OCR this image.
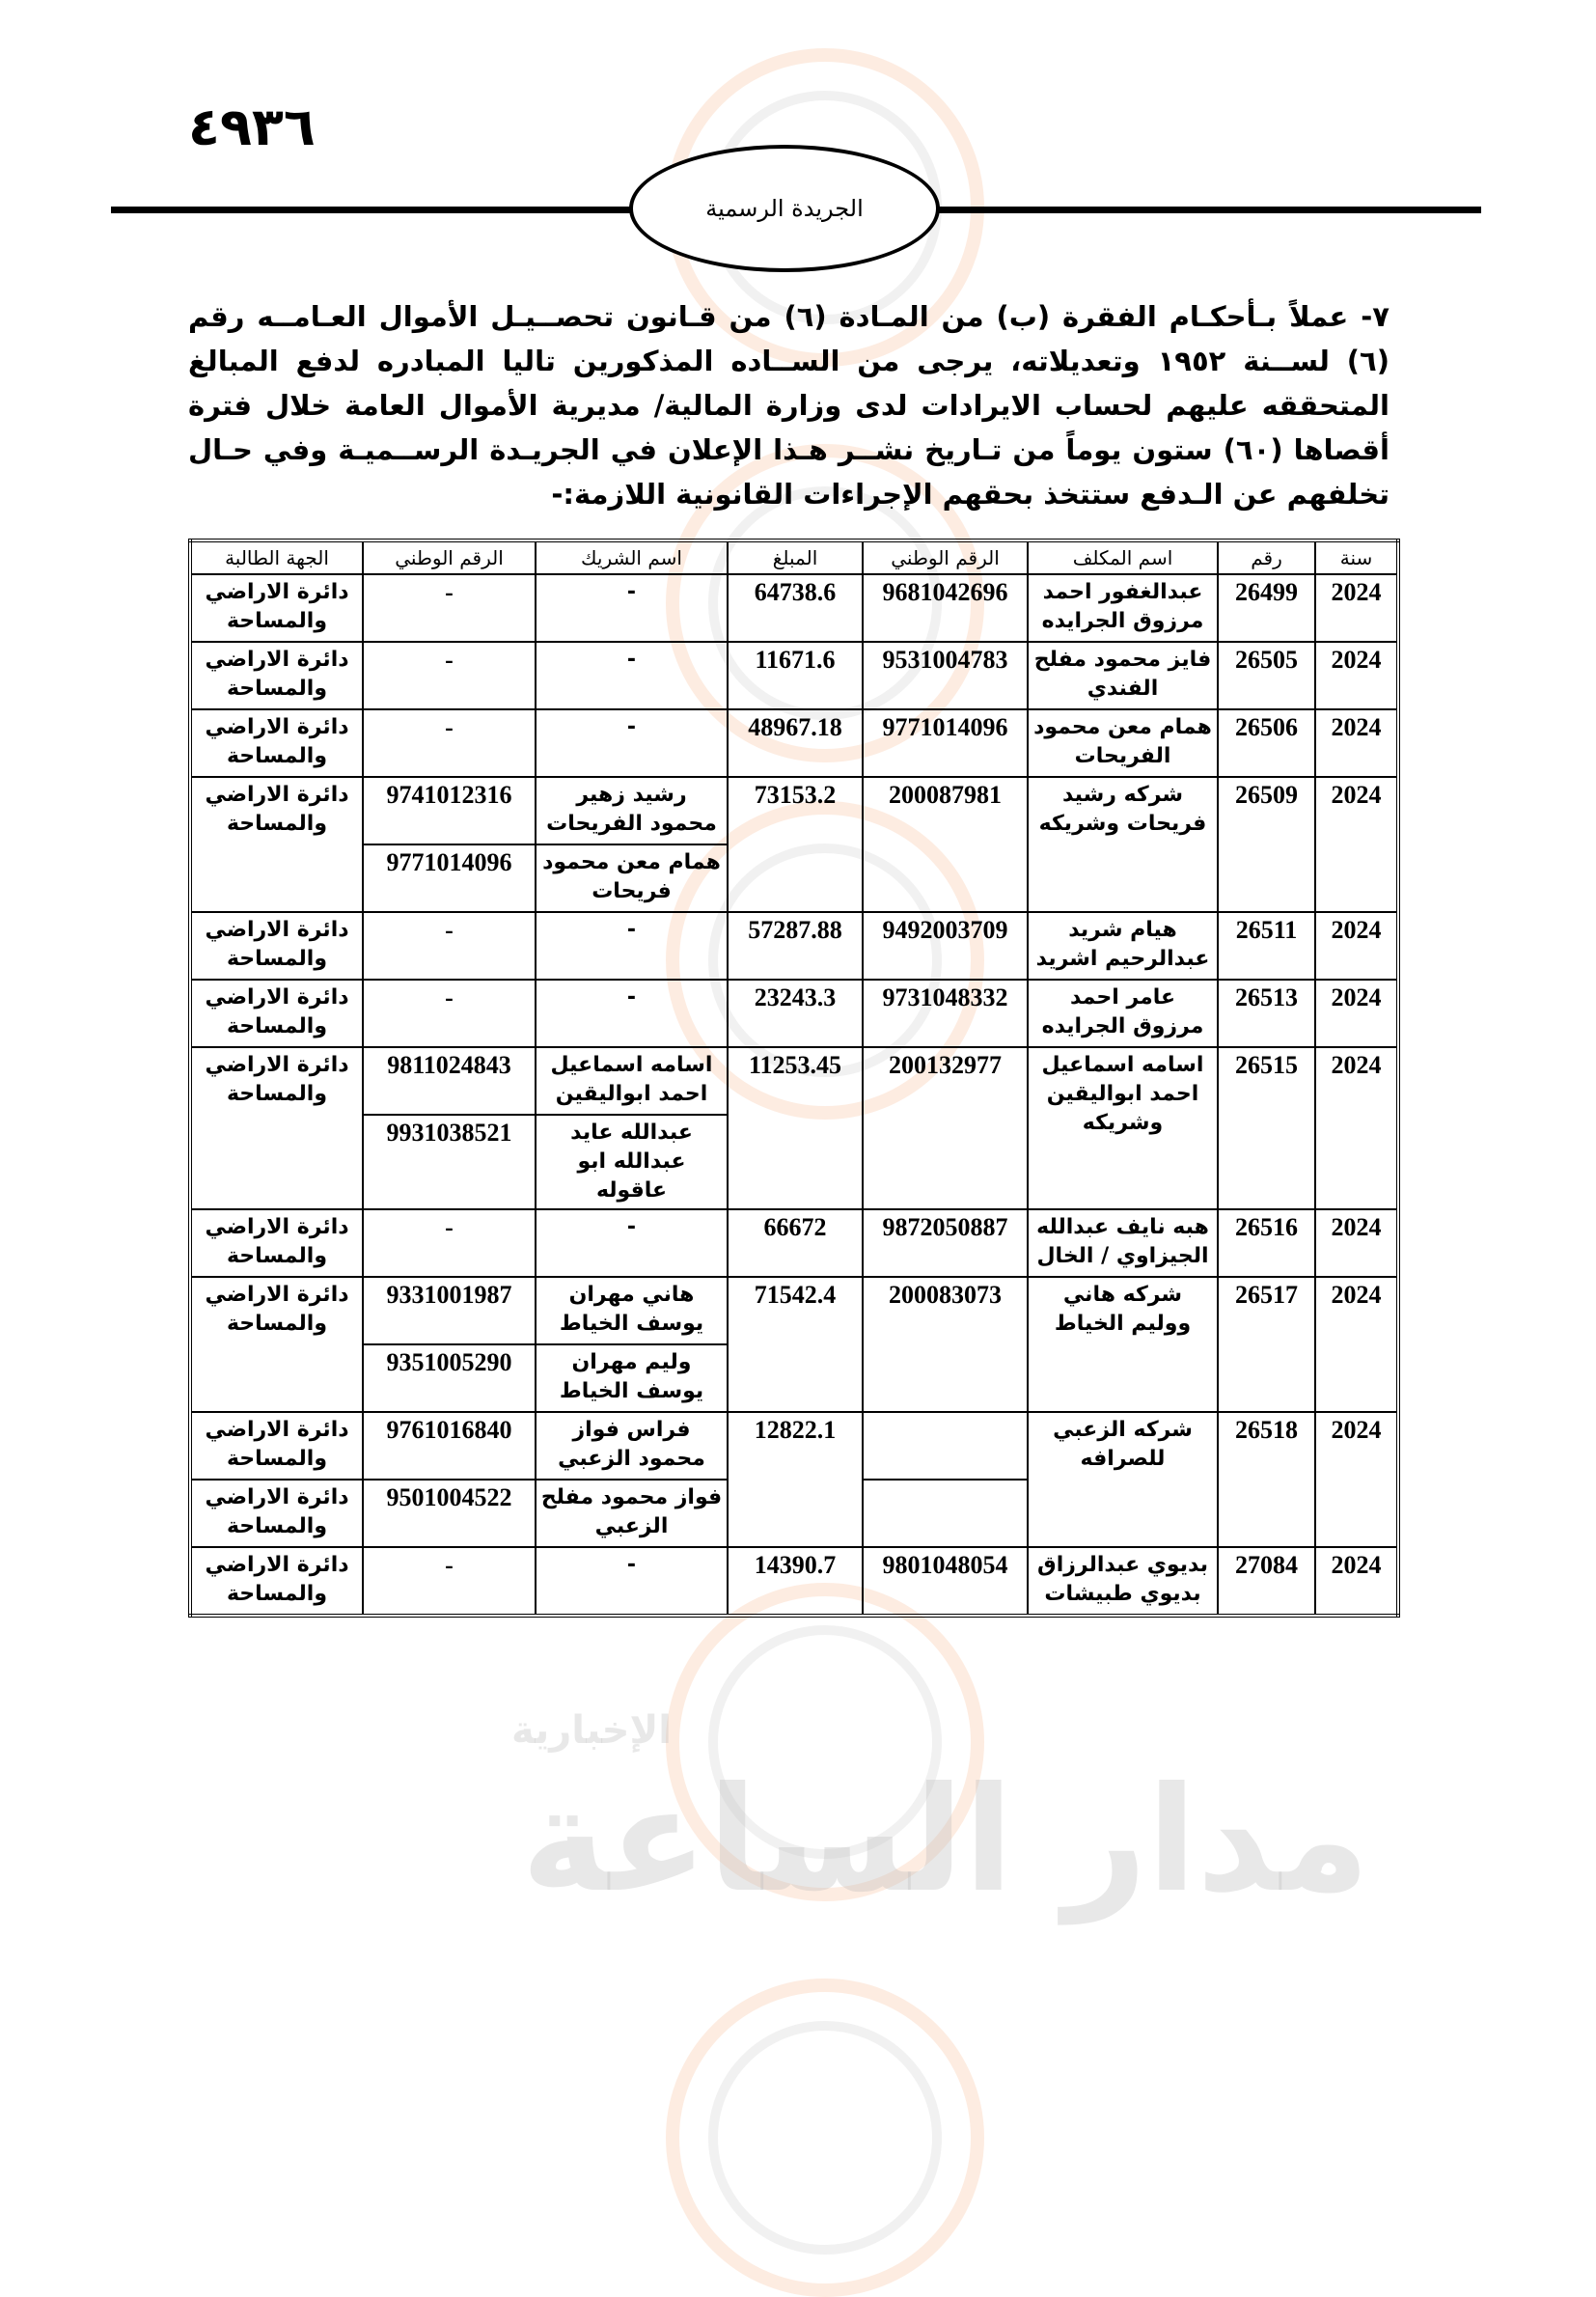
الإخبارية
مدار الساعة
٤٩٣٦
الجريدة الرسمية
٧- عملاً بـأحكـام الفقرة (ب) من المـادة (٦) من قـانون تحصــيـل الأموال العـامــه رقم (٦) لســنة ١٩٥٢ وتعديلاته، يرجى من الســاده المذكورين تاليا المبادره لدفع المبالغ المتحققه عليهم لحساب الايرادات لدى وزارة المالية/ مديرية الأموال العامة خلال فترة أقصاها (٦٠) ستون يوماً من تـاريخ نشــر هـذا الإعلان في الجريـدة الرســميـة وفي حـال تخلفهم عن الـدفع ستتخذ بحقهم الإجراءات القانونية اللازمة:-
سنة	رقم	اسم المكلف	الرقم الوطني	المبلغ	اسم الشريك	الرقم الوطني	الجهة الطالبة
2024	26499	عبدالغفور احمد مرزوق الجرايده	9681042696	64738.6	-	-	دائرة الاراضي والمساحة
2024	26505	فايز محمود مفلح الفندي	9531004783	11671.6	-	-	دائرة الاراضي والمساحة
2024	26506	همام معن محمود الفريحات	9771014096	48967.18	-	-	دائرة الاراضي والمساحة
2024	26509	شركه رشيد فريحات وشريكه	200087981	73153.2	رشيد زهير محمود الفريحات	9741012316	دائرة الاراضي والمساحة
					همام معن محمود فريحات	9771014096	
2024	26511	هيام شريد عبدالرحيم اشريد	9492003709	57287.88	-	-	دائرة الاراضي والمساحة
2024	26513	عامر احمد مرزوق الجرايده	9731048332	23243.3	-	-	دائرة الاراضي والمساحة
2024	26515	اسامه اسماعيل احمد ابواليقين وشريكه	200132977	11253.45	اسامه اسماعيل احمد ابواليقين	9811024843	دائرة الاراضي والمساحة
					عبدالله عايد عبدالله ابو عاقوله	9931038521	
2024	26516	هبه نايف عبدالله الجيزاوي / الخال	9872050887	66672	-	-	دائرة الاراضي والمساحة
2024	26517	شركه هاني ووليم الخياط	200083073	71542.4	هاني مهران يوسف الخياط	9331001987	دائرة الاراضي والمساحة
					وليم مهران يوسف الخياط	9351005290	
2024	26518	شركه الزعبي للصرافه		12822.1	فراس فواز محمود الزعبي	9761016840	دائرة الاراضي والمساحة
					فواز محمود مفلح الزعبي	9501004522	دائرة الاراضي والمساحة
2024	27084	بديوي عبدالرزاق بديوي طبيشات	9801048054	14390.7	-	-	دائرة الاراضي والمساحة
